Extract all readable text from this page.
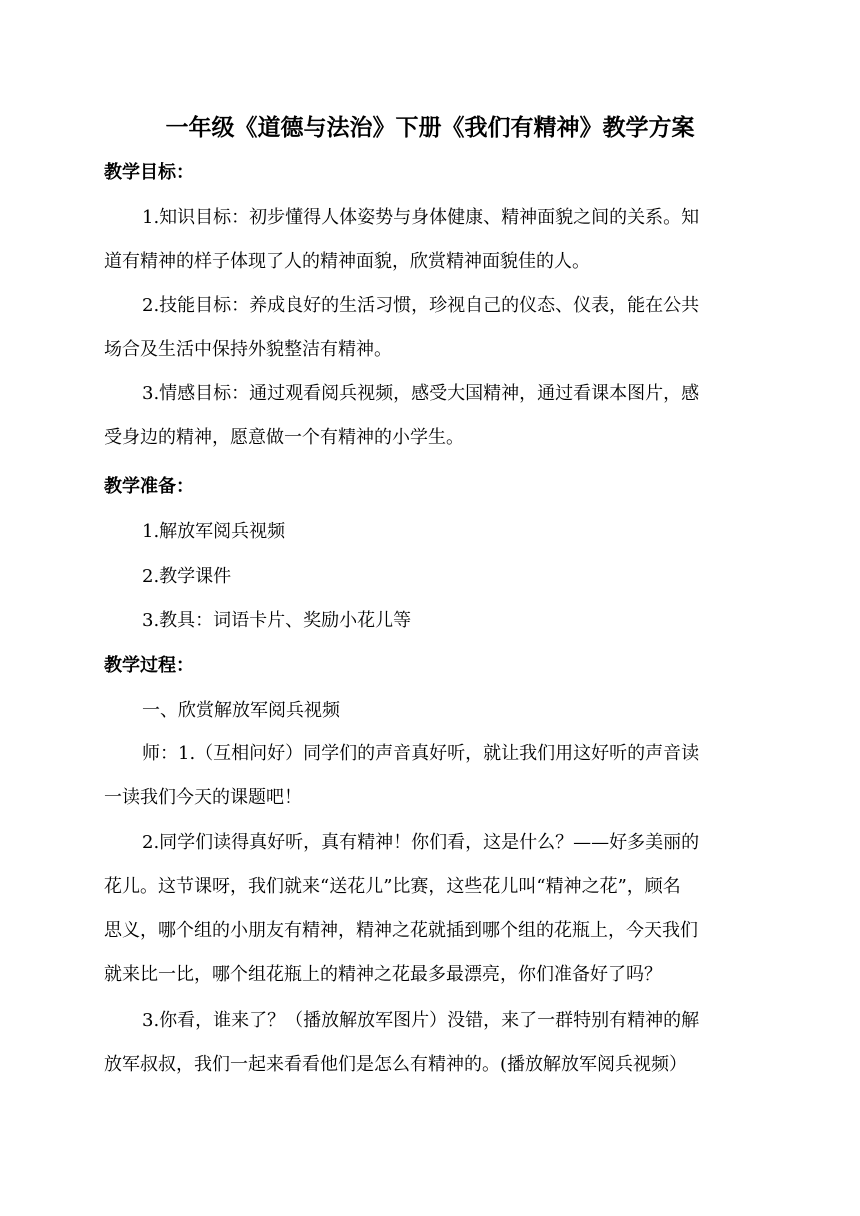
一年级《道德与法治》下册《我们有精神》教学方案
教学目标：
1.知识目标：初步懂得人体姿势与身体健康、精神面貌之间的关系。知
道有精神的样子体现了人的精神面貌，欣赏精神面貌佳的人。
2.技能目标：养成良好的生活习惯，珍视自己的仪态、仪表，能在公共
场合及生活中保持外貌整洁有精神。
3.情感目标：通过观看阅兵视频，感受大国精神，通过看课本图片，感
受身边的精神，愿意做一个有精神的小学生。
教学准备：
1.解放军阅兵视频
2.教学课件
3.教具：词语卡片、奖励小花儿等
教学过程：
一、欣赏解放军阅兵视频
师：1.（互相问好）同学们的声音真好听，就让我们用这好听的声音读
一读我们今天的课题吧！
2.同学们读得真好听，真有精神！你们看，这是什么？——好多美丽的
花儿。这节课呀，我们就来“送花儿”比赛，这些花儿叫“精神之花”，顾名
思义，哪个组的小朋友有精神，精神之花就插到哪个组的花瓶上，今天我们
就来比一比，哪个组花瓶上的精神之花最多最漂亮，你们准备好了吗？
3.你看，谁来了？（播放解放军图片）没错，来了一群特别有精神的解
放军叔叔，我们一起来看看他们是怎么有精神的。(播放解放军阅兵视频）
